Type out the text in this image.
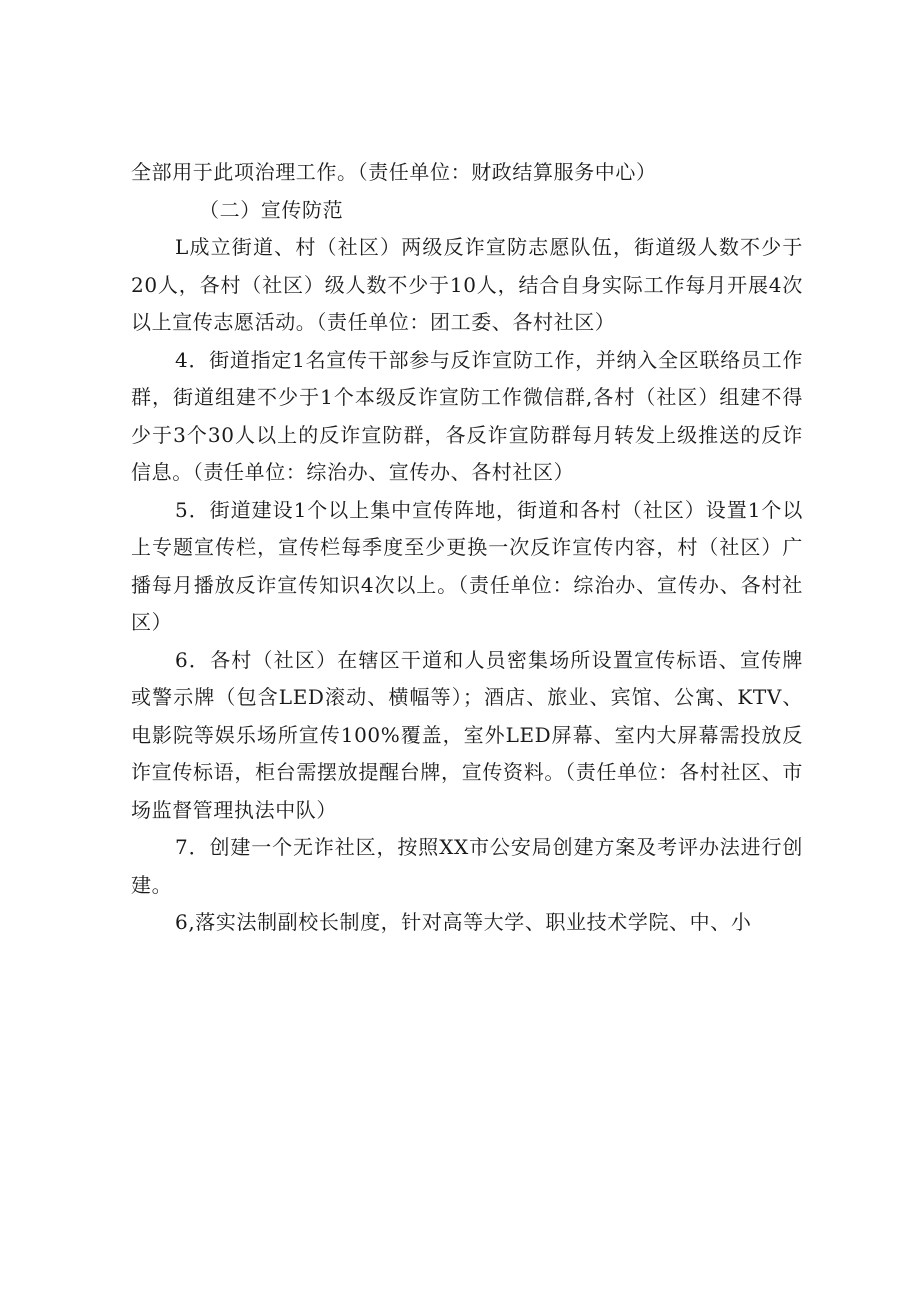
全部用于此项治理工作。（责任单位：财政结算服务中心）

（二）宣传防范

L成立街道、村（社区）两级反诈宣防志愿队伍，街道级人数不少于20人，各村（社区）级人数不少于10人，结合自身实际工作每月开展4次以上宣传志愿活动。（责任单位：团工委、各村社区）

4．街道指定1名宣传干部参与反诈宣防工作，并纳入全区联络员工作群，街道组建不少于1个本级反诈宣防工作微信群,各村（社区）组建不得少于3个30人以上的反诈宣防群，各反诈宣防群每月转发上级推送的反诈信息。（责任单位：综治办、宣传办、各村社区）

5．街道建设1个以上集中宣传阵地，街道和各村（社区）设置1个以上专题宣传栏，宣传栏每季度至少更换一次反诈宣传内容，村（社区）广播每月播放反诈宣传知识4次以上。（责任单位：综治办、宣传办、各村社区）

6．各村（社区）在辖区干道和人员密集场所设置宣传标语、宣传牌或警示牌（包含LED滚动、横幅等）；酒店、旅业、宾馆、公寓、KTV、电影院等娱乐场所宣传100%覆盖，室外LED屏幕、室内大屏幕需投放反诈宣传标语，柜台需摆放提醒台牌，宣传资料。（责任单位：各村社区、市场监督管理执法中队）

7．创建一个无诈社区，按照XX市公安局创建方案及考评办法进行创建。

6,落实法制副校长制度，针对高等大学、职业技术学院、中、小
